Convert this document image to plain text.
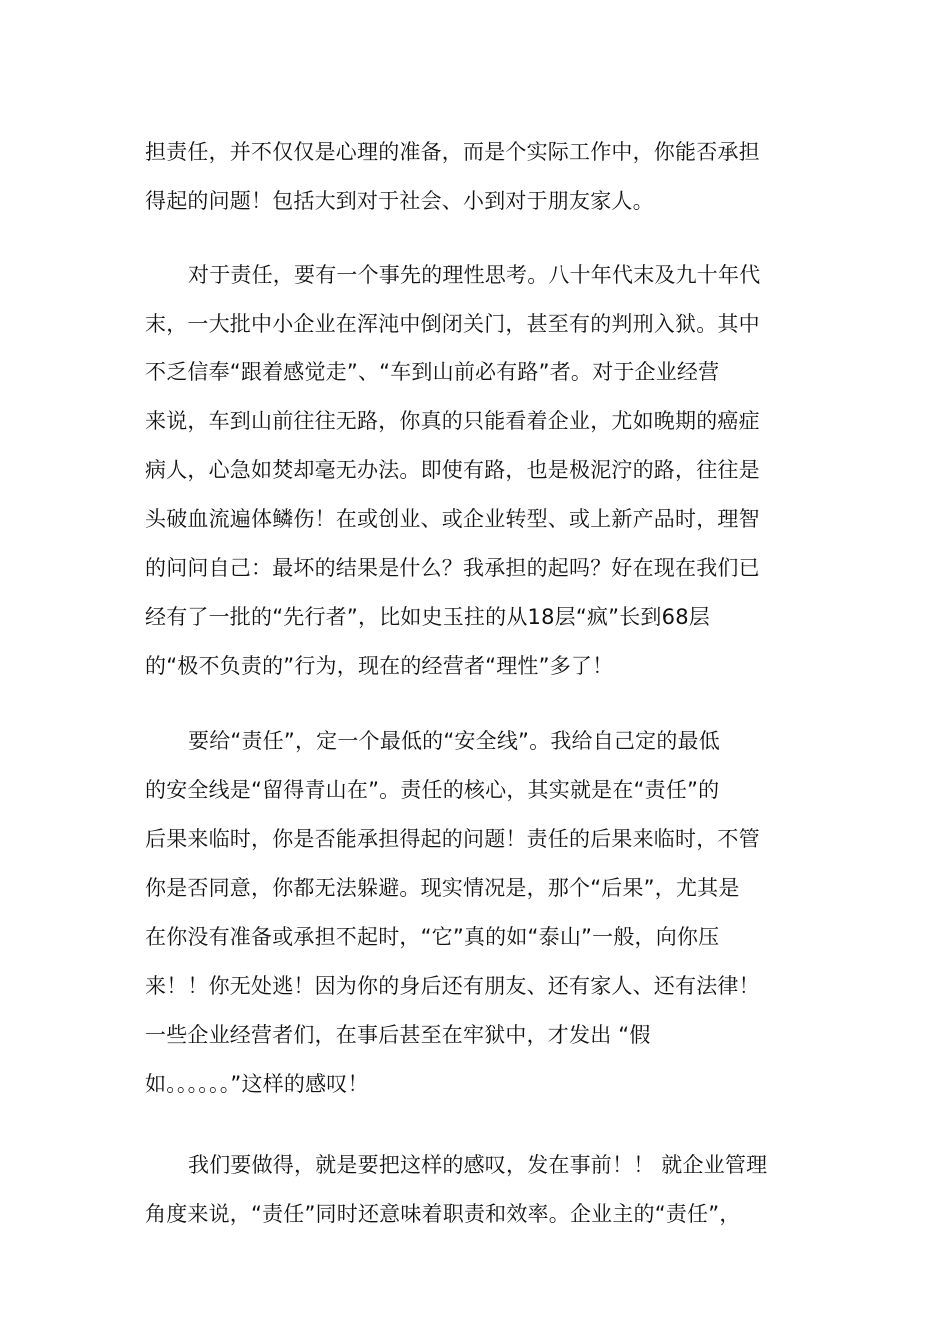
担责任，并不仅仅是心理的准备，而是个实际工作中，你能否承担
得起的问题！包括大到对于社会、小到对于朋友家人。
对于责任，要有一个事先的理性思考。八十年代末及九十年代
末，一大批中小企业在浑沌中倒闭关门，甚至有的判刑入狱。其中
不乏信奉“跟着感觉走”、“车到山前必有路”者。对于企业经营
来说，车到山前往往无路，你真的只能看着企业，尤如晚期的癌症
病人，心急如焚却毫无办法。即使有路，也是极泥泞的路，往往是
头破血流遍体鳞伤！在或创业、或企业转型、或上新产品时，理智
的问问自己：最坏的结果是什么？我承担的起吗？好在现在我们已
经有了一批的“先行者”，比如史玉拄的从18层“疯”长到68层
的“极不负责的”行为，现在的经营者“理性”多了！
要给“责任”，定一个最低的“安全线”。我给自己定的最低
的安全线是“留得青山在”。责任的核心，其实就是在“责任”的
后果来临时，你是否能承担得起的问题！责任的后果来临时，不管
你是否同意，你都无法躲避。现实情况是，那个“后果”，尤其是
在你没有准备或承担不起时，“它”真的如“泰山”一般，向你压
来！！你无处逃！因为你的身后还有朋友、还有家人、还有法律！
一些企业经营者们，在事后甚至在牢狱中，才发出 “假
如。。。。。。”这样的感叹！
我们要做得，就是要把这样的感叹，发在事前！！ 就企业管理
角度来说，“责任”同时还意味着职责和效率。企业主的“责任”，
